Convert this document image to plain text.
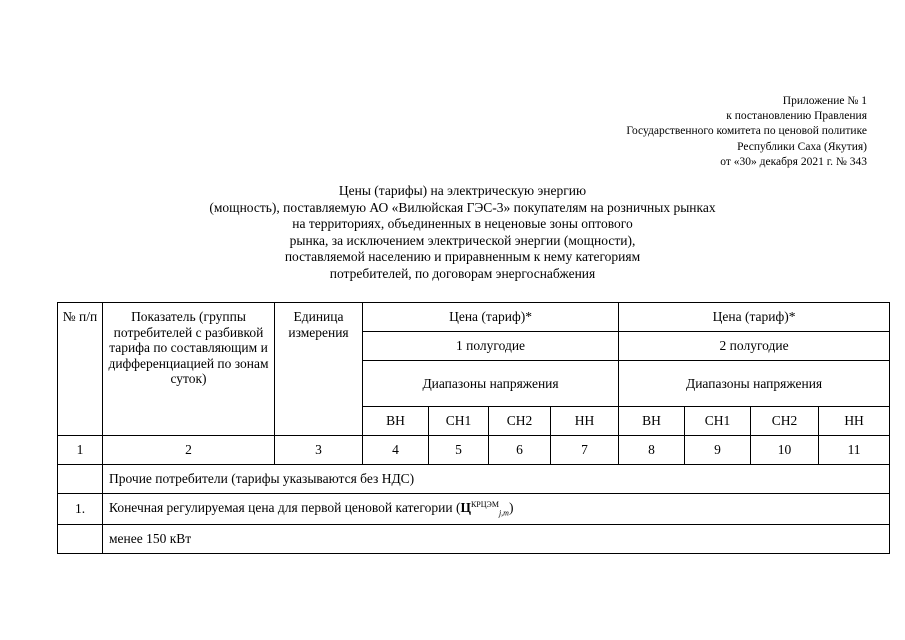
Приложение № 1
к постановлению Правления
Государственного комитета по ценовой политике
Республики Саха (Якутия)
от «30» декабря 2021 г. № 343
Цены (тарифы) на электрическую энергию
(мощность), поставляемую АО «Вилюйская ГЭС-3» покупателям на розничных рынках
на территориях, объединенных в неценовые зоны оптового
рынка, за исключением электрической энергии (мощности),
поставляемой населению и приравненным к нему категориям
потребителей, по договорам энергоснабжения
№ п/п	Показатель (группы потребителей с разбивкой тарифа по составляющим и дифференциацией по зонам суток)	Единица измерения	Цена (тариф)*				Цена (тариф)*			
			1 полугодие				2 полугодие			
			Диапазоны напряжения				Диапазоны напряжения			
			ВН	СН1	СН2	НН	ВН	СН1	СН2	НН
1	2	3	4	5	6	7	8	9	10	11
	Прочие потребители (тарифы указываются без НДС)									
1.	Конечная регулируемая цена для первой ценовой категории $(Ц^{КРЦЭМ}_{j,m})$									
	менее 150 кВт									
